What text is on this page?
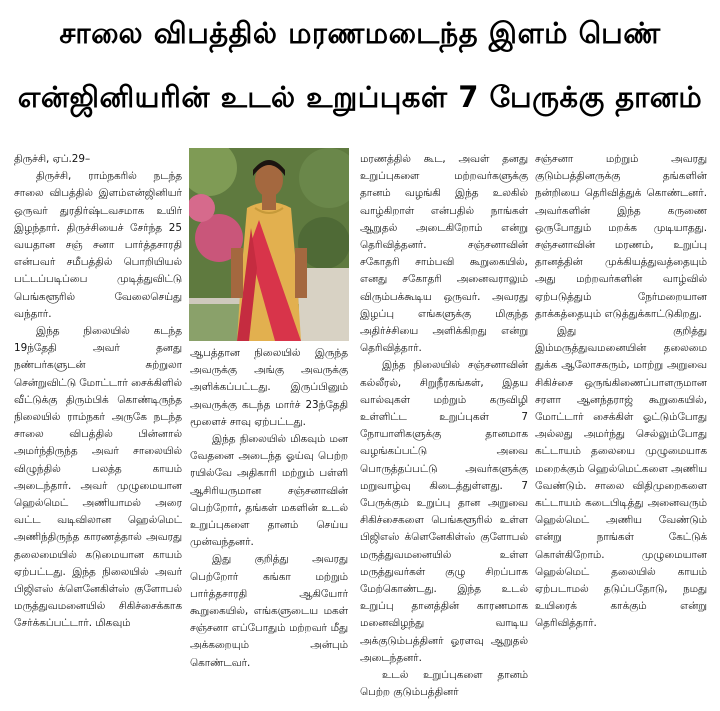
சாலை விபத்தில் மரணமடைந்த இளம் பெண்
என்ஜினியரின் உடல் உறுப்புகள் 7 பேருக்கு தானம்

திருச்சி, ஏப்.29–

திருச்சி, ராம்நகரில் நடந்த சாலை விபத்தில் இளம்என்ஜினியர் ஒருவர் துரதிர்ஷ்டவசமாக உயிர் இழந்தார். திருச்சியைச் சேர்ந்த 25 வயதான சஞ் சனா பார்த்தசாரதி என்பவர் சமீபத்தில் பொறியியல் பட்டப்படிப்பை முடித்துவிட்டு பெங்களூரில் வேலைசெய்து வந்தார்.

இந்த நிலையில் கடந்த 19ந்தேதி அவர் தனது நண்பர்களுடன் சுற்றுலா சென்றுவிட்டு மோட்டார் சைக்கிளில் வீட்டுக்கு திரும்பிக் கொண்டிருந்த நிலையில் ராம்நகர் அருகே நடந்த சாலை விபத்தில் பின்னால் அமர்ந்திருந்த அவர் சாலையில் விழுந்தில் பலத்த காயம் அடைந்தார். அவர் முழுமையான ஹெல்மெட் அணியாமல் அரை வட்ட வடிவிலான ஹெல்மெட் அணிந்திருந்த காரணத்தால் அவரது தலைமையில் கடுமையான காயம் ஏற்பட்டது. இந்த நிலையில் அவர் பிஜிஎஸ் க்ளெனேகிள்ஸ் குளோபல் மருத்துவமனையில் சிகிச்சைக்காக சேர்க்கப்பட்டார். மிகவும்

ஆபத்தான நிலையில் இருந்த அவருக்கு அங்கு அவருக்கு அளிக்கப்பட்டது. இருப்பினும் அவருக்கு கடந்த மார்ச் 23ந்தேதி மூளைச் சாவு ஏற்பட்டது.

இந்த நிலையில் மிகவும் மன வேதனை அடைந்த ஓய்வு பெற்ற ரயில்வே அதிகாரி மற்றும் பள்ளி ஆசிரியருமான சஞ்சனாவின் பெற்றோர், தங்கள் மகளின் உடல் உறுப்புகளை தானம் செய்ய முன்வந்தனர்.

இது குறித்து அவரது பெற்றோர் கங்கா மற்றும் பார்த்தசாரதி ஆகியோர் கூறுகையில், எங்களுடைய மகள் சஞ்சனா எப்போதும் மற்றவர் மீது அக்கறையும் அன்பும் கொண்டவர்.

மரணத்தில் கூட, அவள் தனது உறுப்புகளை மற்றவர்களுக்கு தானம் வழங்கி இந்த உலகில் வாழ்கிறாள் என்பதில் நாங்கள் ஆறுதல் அடைகிறோம் என்று தெரிவித்தனர். சஞ்சனாவின் சகோதரி சாம்பவி கூறுகையில், எனது சகோதரி அனைவராலும் விரும்பக்கூடிய ஒருவர். அவரது இழப்பு எங்களுக்கு மிகுந்த அதிர்ச்சியை அளிக்கிறது என்று தெரிவித்தார்.

இந்த நிலையில் சஞ்சனாவின் கல்லீரல், சிறுநீரகங்கள், இதய வால்வுகள் மற்றும் கருவிழி உள்ளிட்ட உறுப்புகள் 7 நோயாளிகளுக்கு தானமாக வழங்கப்பட்டு அவை பொருத்தப்பட்டு அவர்களுக்கு மறுவாழ்வு கிடைத்துள்ளது. 7 பேருக்கும் உறுப்பு தான அறுவை சிகிச்சைகளை பெங்களூரில் உள்ள பிஜிஎஸ் க்ளெனேகிள்ஸ் குளோபல் மருத்துவமனையில் உள்ள மருத்துவர்கள் குழு சிறப்பாக மேற்கொண்டது. இந்த உடல் உறுப்பு தானத்தின் காரணமாக மனைவிழந்து வாடிய அக்குடும்பத்தினர் ஓரளவு ஆறுதல் அடைந்தனர்.

உடல் உறுப்புகளை தானம் பெற்ற குடும்பத்தினர்

சஞ்சனா மற்றும் அவரது குடும்பத்தினருக்கு தங்களின் நன்றியை தெரிவித்துக் கொண்டனர். அவர்களின் இந்த கருணை ஒருபோதும் மறக்க முடியாதது. சஞ்சனாவின் மரணம், உறுப்பு தானத்தின் முக்கியத்துவத்தையும் அது மற்றவர்களின் வாழ்வில் ஏற்படுத்தும் நேர்மறையான தாக்கத்தையும் எடுத்துக்காட்டுகிறது.

இது குறித்து இம்மருத்துவமனையின் தலைமை துக்க ஆலோசகரும், மாற்று அறுவை சிகிச்சை ஒருங்கிணைப்பாளருமான சரளா ஆனந்தராஜ் கூறுகையில், மோட்டார் சைக்கிள் ஓட்டும்போது அல்லது அமர்ந்து செல்லும்போது கட்டாயம் தலையை முழுமையாக மறைக்கும் ஹெல்மெட்களை அணிய வேண்டும். சாலை விதிமுறைகளை கட்டாயம் கடைபிடித்து அனைவரும் ஹெல்மெட் அணிய வேண்டும் என்று நாங்கள் கேட்டுக் கொள்கிறோம். முழுமையான ஹெல்மெட் தலையில் காயம் ஏற்படாமல் தடுப்பதோடு, நமது உயிரைக் காக்கும் என்று தெரிவித்தார்.
